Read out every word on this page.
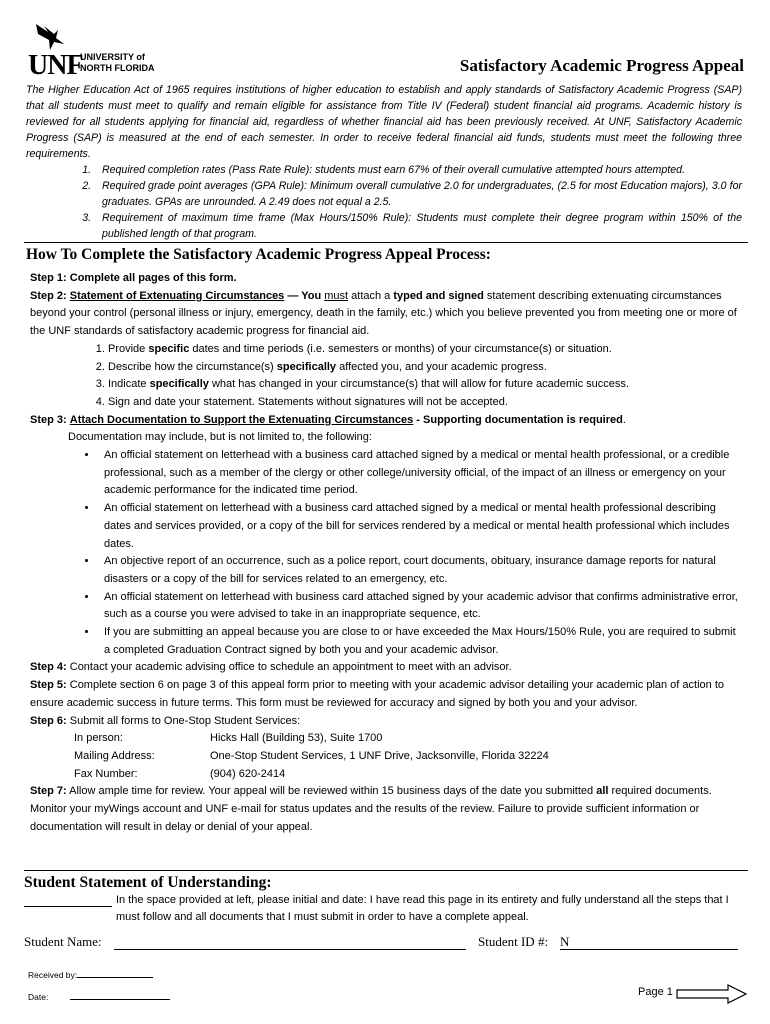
UNF
UNIVERSITY of
NORTH FLORIDA	Satisfactory Academic Progress Appeal

The Higher Education Act of 1965 requires institutions of higher education to establish and apply standards of Satisfactory Academic Progress (SAP) that all students must meet to qualify and remain eligible for assistance from Title IV (Federal) student financial aid programs. Academic history is reviewed for all students applying for financial aid, regardless of whether financial aid has been previously received. At UNF, Satisfactory Academic Progress (SAP) is measured at the end of each semester. In order to receive federal financial aid funds, students must meet the following three requirements.

1. Required completion rates (Pass Rate Rule): students must earn 67% of their overall cumulative attempted hours attempted.
2. Required grade point averages (GPA Rule): Minimum overall cumulative 2.0 for undergraduates, (2.5 for most Education majors), 3.0 for graduates. GPAs are unrounded. A 2.49 does not equal a 2.5.
3. Requirement of maximum time frame (Max Hours/150% Rule): Students must complete their degree program within 150% of the published length of that program.
How To Complete the Satisfactory Academic Progress Appeal Process:

Step 1: Complete all pages of this form.

Step 2: Statement of Extenuating Circumstances — You must attach a typed and signed statement describing extenuating circumstances beyond your control (personal illness or injury, emergency, death in the family, etc.) which you believe prevented you from meeting one or more of the UNF standards of satisfactory academic progress for financial aid.

1. Provide specific dates and time periods (i.e. semesters or months) of your circumstance(s) or situation.
2. Describe how the circumstance(s) specifically affected you, and your academic progress.
3. Indicate specifically what has changed in your circumstance(s) that will allow for future academic success.
4. Sign and date your statement. Statements without signatures will not be accepted.

Step 3: Attach Documentation to Support the Extenuating Circumstances - Supporting documentation is required.

Documentation may include, but is not limited to, the following:

• An official statement on letterhead with a business card attached signed by a medical or mental health professional, or a credible professional, such as a member of the clergy or other college/university official, of the impact of an illness or emergency on your academic performance for the indicated time period.
• An official statement on letterhead with a business card attached signed by a medical or mental health professional describing dates and services provided, or a copy of the bill for services rendered by a medical or mental health professional which includes dates.
• An objective report of an occurrence, such as a police report, court documents, obituary, insurance damage reports for natural disasters or a copy of the bill for services related to an emergency, etc.
• An official statement on letterhead with business card attached signed by your academic advisor that confirms administrative error, such as a course you were advised to take in an inappropriate sequence, etc.
• If you are submitting an appeal because you are close to or have exceeded the Max Hours/150% Rule, you are required to submit a completed Graduation Contract signed by both you and your academic advisor.

Step 4: Contact your academic advising office to schedule an appointment to meet with an advisor.

Step 5: Complete section 6 on page 3 of this appeal form prior to meeting with your academic advisor detailing your academic plan of action to ensure academic success in future terms. This form must be reviewed for accuracy and signed by both you and your advisor.

Step 6: Submit all forms to One-Stop Student Services:

In person:	Hicks Hall (Building 53), Suite 1700
Mailing Address:	One-Stop Student Services, 1 UNF Drive, Jacksonville, Florida 32224
Fax Number:	(904) 620-2414

Step 7: Allow ample time for review. Your appeal will be reviewed within 15 business days of the date you submitted all required documents. Monitor your myWings account and UNF e-mail for status updates and the results of the review. Failure to provide sufficient information or documentation will result in delay or denial of your appeal.

Student Statement of Understanding:
In the space provided at left, please initial and date: I have read this page in its entirety and fully understand all the steps that I must follow and all documents that I must submit in order to have a complete appeal.
Student Name:	Student ID #: N
Received by:
Date:	Page 1
